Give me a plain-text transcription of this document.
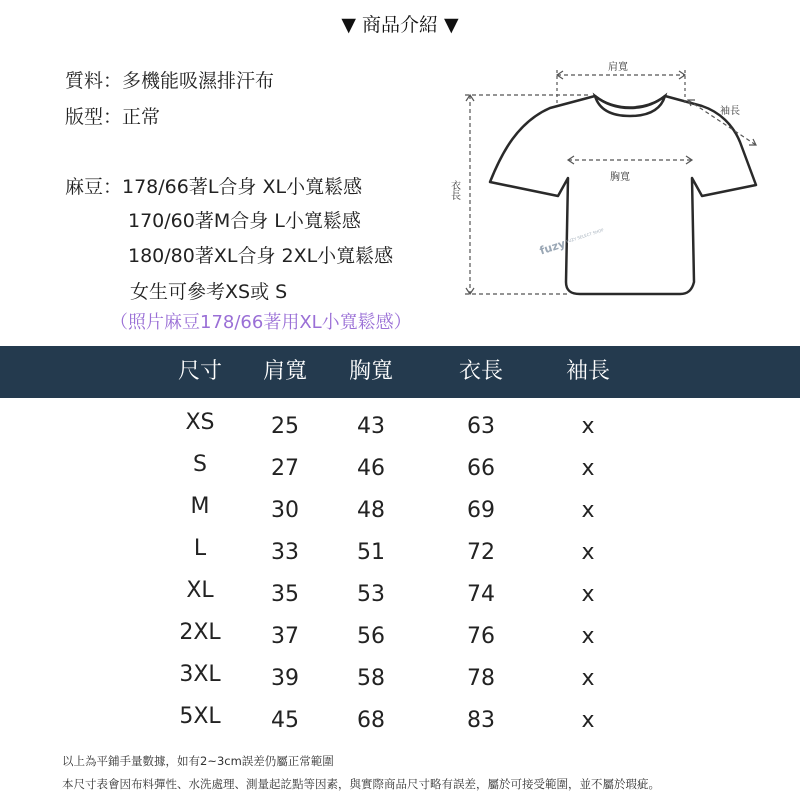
▼ 商品介紹 ▼
質料：多機能吸濕排汗布
版型：正常
麻豆：178/66著L合身 XL小寬鬆感
170/60著M合身 L小寬鬆感
180/80著XL合身 2XL小寬鬆感
女生可參考XS或 S
（照片麻豆178/66著用XL小寬鬆感）
肩寬
袖長
胸寬
衣長
fuzy
FUZY SELECT SHOP
尺寸	肩寬	胸寬	衣長	袖長
XS	25	43	63	x
S	27	46	66	x
M	30	48	69	x
L	33	51	72	x
XL	35	53	74	x
2XL	37	56	76	x
3XL	39	58	78	x
5XL	45	68	83	x
以上為平鋪手量數據，如有2~3cm誤差仍屬正常範圍
本尺寸表會因布料彈性、水洗處理、測量起訖點等因素，與實際商品尺寸略有誤差，屬於可接受範圍，並不屬於瑕疵。
